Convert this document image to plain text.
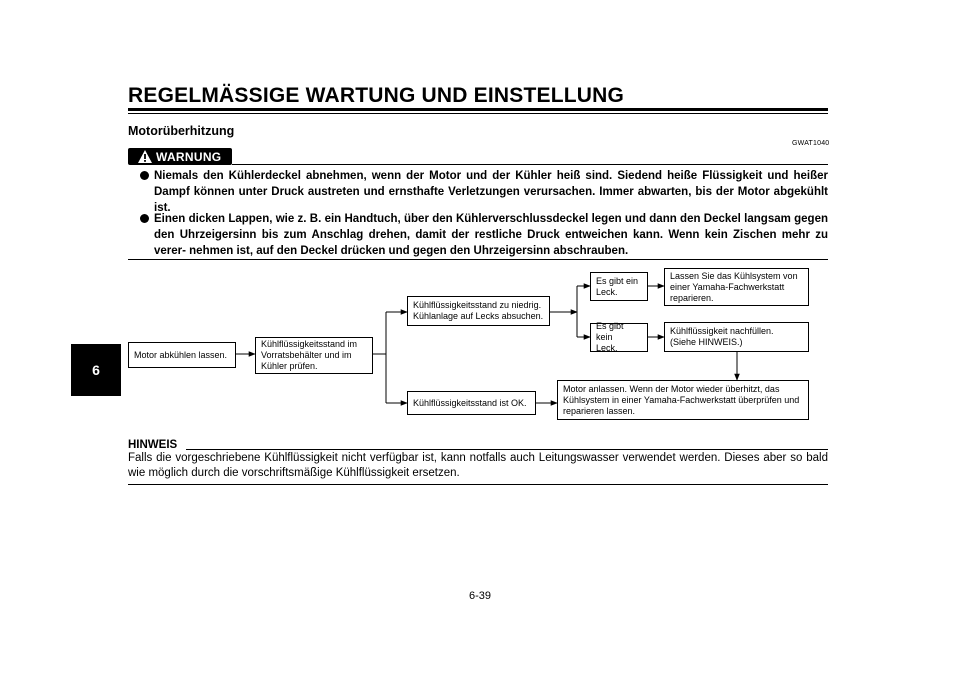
REGELMÄSSIGE WARTUNG UND EINSTELLUNG
Motorüberhitzung
GWAT1040
WARNUNG
Niemals den Kühlerdeckel abnehmen, wenn der Motor und der Kühler heiß sind. Siedend heiße Flüssigkeit und heißer Dampf können unter Druck austreten und ernsthafte Verletzungen verursachen. Immer abwarten, bis der Motor abgekühlt ist.
Einen dicken Lappen, wie z. B. ein Handtuch, über den Kühlerverschlussdeckel legen und dann den Deckel langsam gegen den Uhrzeigersinn bis zum Anschlag drehen, damit der restliche Druck entweichen kann. Wenn kein Zischen mehr zu verer- nehmen ist, auf den Deckel drücken und gegen den Uhrzeigersinn abschrauben.
Motor abkühlen lassen.
Kühlflüssigkeitsstand im
Vorratsbehälter und im
Kühler prüfen.
Kühlflüssigkeitsstand zu niedrig.
Kühlanlage auf Lecks absuchen.
Kühlflüssigkeitsstand ist OK.
Es gibt ein
Leck.
Es gibt kein
Leck.
Lassen Sie das Kühlsystem von
einer Yamaha-Fachwerkstatt
reparieren.
Kühlflüssigkeit nachfüllen.
(Siehe HINWEIS.)
Motor anlassen. Wenn der Motor wieder überhitzt, das
Kühlsystem in einer Yamaha-Fachwerkstatt überprüfen und
reparieren lassen.
HINWEIS
Falls die vorgeschriebene Kühlflüssigkeit nicht verfügbar ist, kann notfalls auch Leitungswasser verwendet werden. Dieses aber so bald wie möglich durch die vorschriftsmäßige Kühlflüssigkeit ersetzen.
6
6-39
